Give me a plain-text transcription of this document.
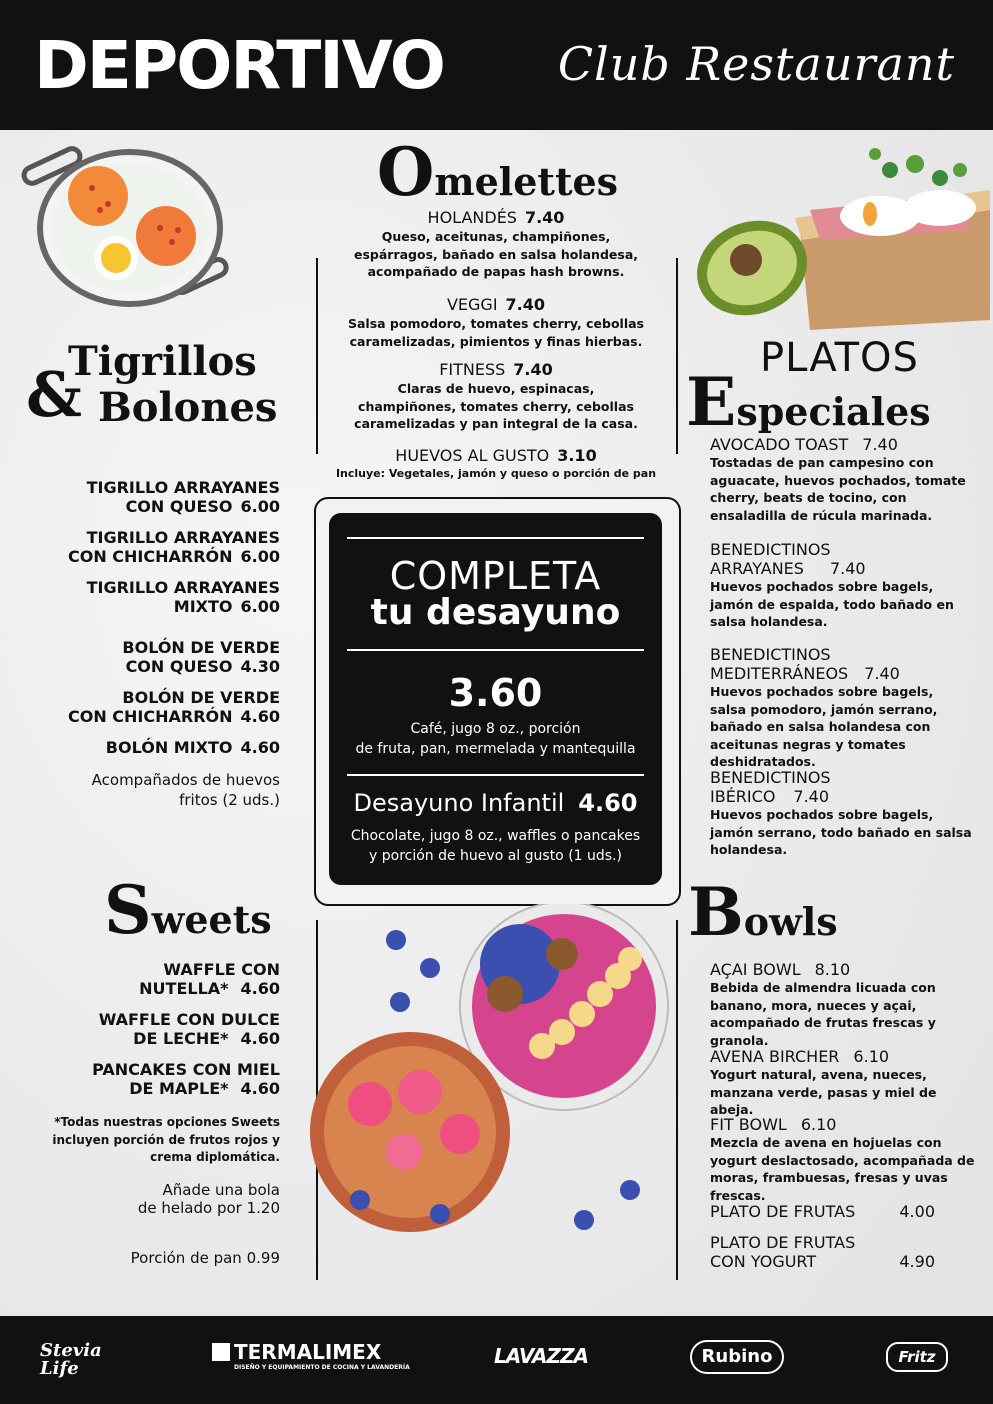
DEPORTIVO Club Restaurant
Omelettes
HOLANDÉS 7.40
Queso, aceitunas, champiñones, espárragos, bañado en salsa holandesa, acompañado de papas hash browns.
VEGGI 7.40
Salsa pomodoro, tomates cherry, cebollas caramelizadas, pimientos y finas hierbas.
FITNESS 7.40
Claras de huevo, espinacas, champiñones, tomates cherry, cebollas caramelizadas y pan integral de la casa.
HUEVOS AL GUSTO 3.10
Incluye: Vegetales, jamón y queso o porción de pan
Tigrillos
& Bolones
TIGRILLO ARRAYANES
CON QUESO 6.00
TIGRILLO ARRAYANES
CON CHICHARRÓN 6.00
TIGRILLO ARRAYANES
MIXTO 6.00
BOLÓN DE VERDE
CON QUESO 4.30
BOLÓN DE VERDE
CON CHICHARRÓN 4.60
BOLÓN MIXTO 4.60
Acompañados de huevos
fritos (2 uds.)
PLATOS
Especiales
AVOCADO TOAST 7.40
Tostadas de pan campesino con aguacate, huevos pochados, tomate cherry, beats de tocino, con ensaladilla de rúcula marinada.
BENEDICTINOS
ARRAYANES 7.40
Huevos pochados sobre bagels, jamón de espalda, todo bañado en salsa holandesa.
BENEDICTINOS
MEDITERRÁNEOS 7.40
Huevos pochados sobre bagels, salsa pomodoro, jamón serrano, bañado en salsa holandesa con aceitunas negras y tomates deshidratados.
BENEDICTINOS
IBÉRICO 7.40
Huevos pochados sobre bagels, jamón serrano, todo bañado en salsa holandesa.
COMPLETA
tu desayuno
3.60
Café, jugo 8 oz., porción
de fruta, pan, mermelada y mantequilla
Desayuno Infantil 4.60
Chocolate, jugo 8 oz., waffles o pancakes
y porción de huevo al gusto (1 uds.)
Sweets
WAFFLE CON
NUTELLA* 4.60
WAFFLE CON DULCE
DE LECHE* 4.60
PANCAKES CON MIEL
DE MAPLE* 4.60
*Todas nuestras opciones Sweets incluyen porción de frutos rojos y crema diplomática.
Añade una bola
de helado por 1.20
Porción de pan 0.99
Bowls
AÇAI BOWL 8.10
Bebida de almendra licuada con banano, mora, nueces y açai, acompañado de frutas frescas y granola.
AVENA BIRCHER 6.10
Yogurt natural, avena, nueces, manzana verde, pasas y miel de abeja.
FIT BOWL 6.10
Mezcla de avena en hojuelas con yogurt deslactosado, acompañada de moras, frambuesas, fresas y uvas frescas.
PLATO DE FRUTAS	4.00
PLATO DE FRUTAS
CON YOGURT	4.90
Stevia Life
TERMALIMEX
DISEÑO Y EQUIPAMIENTO DE COCINA Y LAVANDERÍA	LAVAZZA	Rubino	Fritz
